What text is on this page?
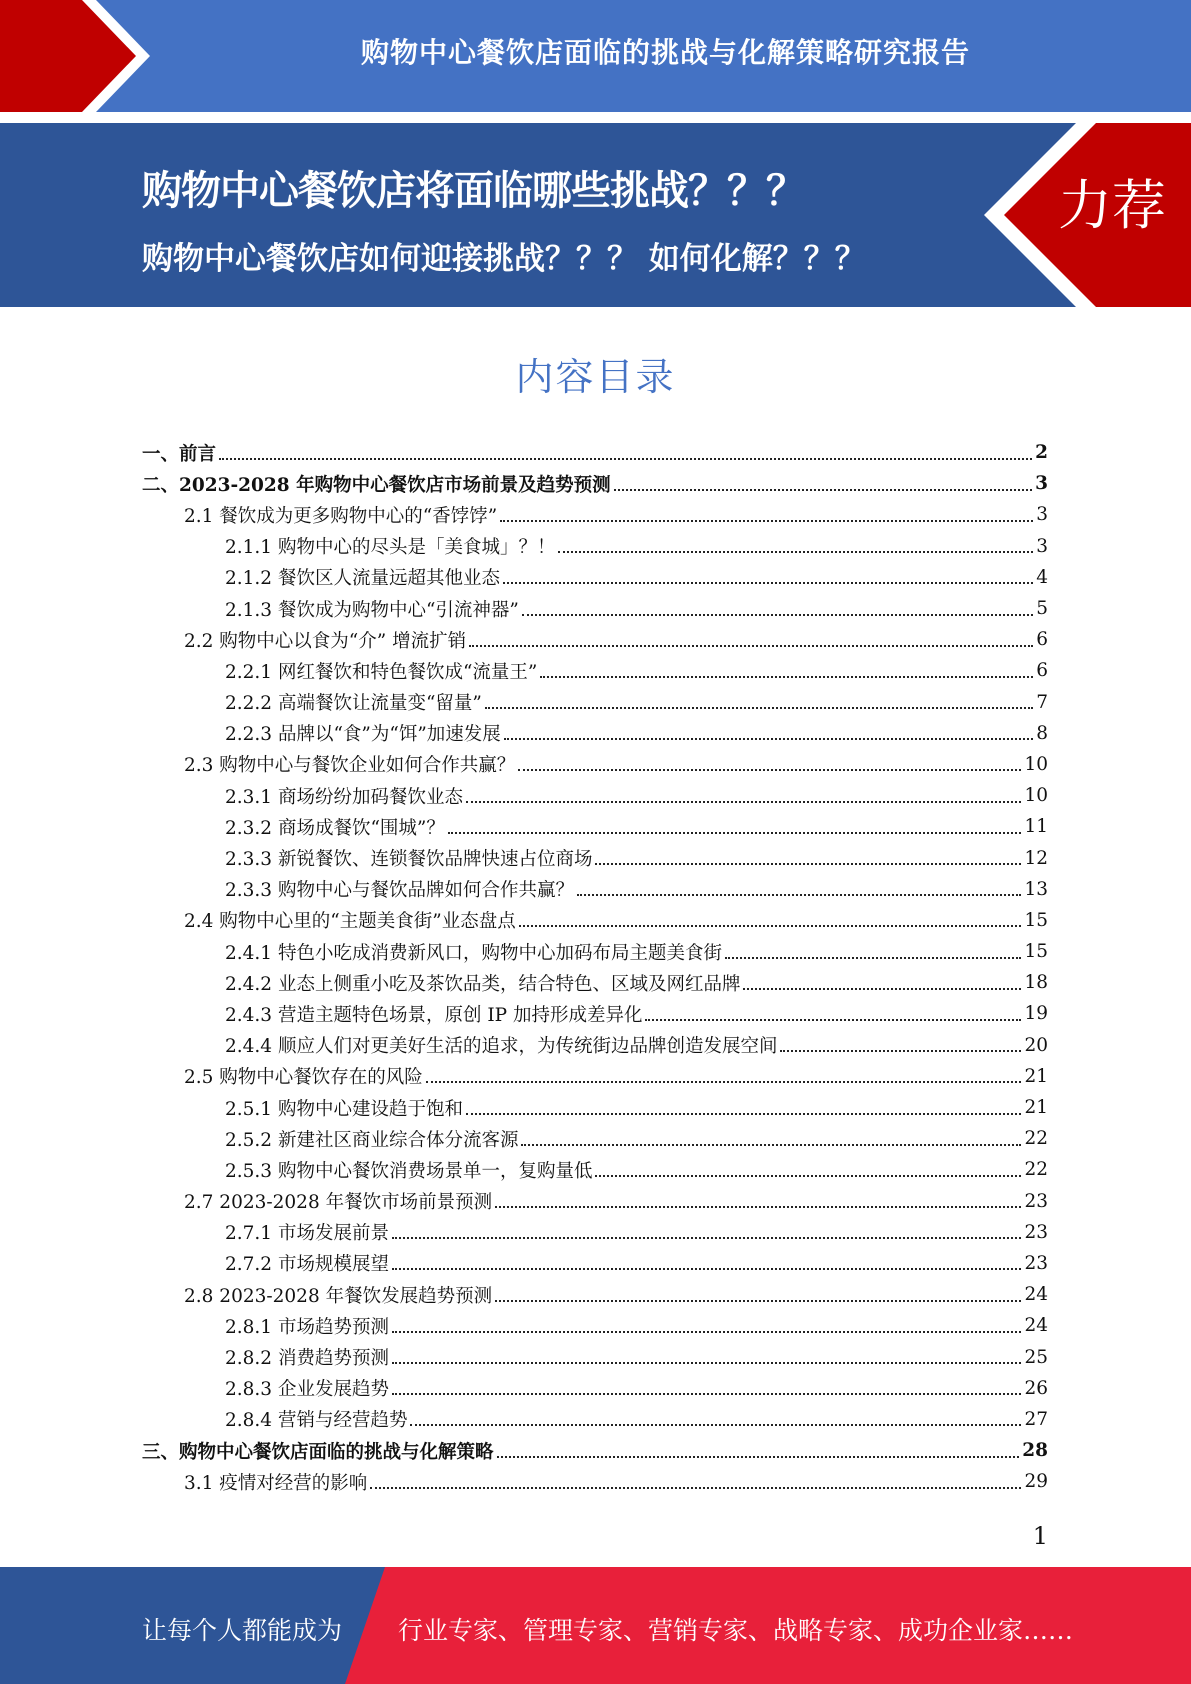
购物中心餐饮店面临的挑战与化解策略研究报告
购物中心餐饮店将面临哪些挑战？？？
购物中心餐饮店如何迎接挑战？？？ 如何化解？？？
力荐
内容目录
一、前言	2
二、2023-2028 年购物中心餐饮店市场前景及趋势预测	3
2.1 餐饮成为更多购物中心的“香饽饽”	3
2.1.1 购物中心的尽头是「美食城」？！	3
2.1.2 餐饮区人流量远超其他业态	4
2.1.3 餐饮成为购物中心“引流神器”	5
2.2 购物中心以食为“介” 增流扩销	6
2.2.1 网红餐饮和特色餐饮成“流量王”	6
2.2.2 高端餐饮让流量变“留量”	7
2.2.3 品牌以“食”为“饵”加速发展	8
2.3 购物中心与餐饮企业如何合作共赢？	10
2.3.1 商场纷纷加码餐饮业态	10
2.3.2 商场成餐饮“围城”？	11
2.3.3 新锐餐饮、连锁餐饮品牌快速占位商场	12
2.3.3 购物中心与餐饮品牌如何合作共赢？	13
2.4 购物中心里的“主题美食街”业态盘点	15
2.4.1 特色小吃成消费新风口，购物中心加码布局主题美食街	15
2.4.2 业态上侧重小吃及茶饮品类，结合特色、区域及网红品牌	18
2.4.3 营造主题特色场景，原创 IP 加持形成差异化	19
2.4.4 顺应人们对更美好生活的追求，为传统街边品牌创造发展空间	20
2.5 购物中心餐饮存在的风险	21
2.5.1 购物中心建设趋于饱和	21
2.5.2 新建社区商业综合体分流客源	22
2.5.3 购物中心餐饮消费场景单一，复购量低	22
2.7 2023-2028 年餐饮市场前景预测	23
2.7.1 市场发展前景	23
2.7.2 市场规模展望	23
2.8 2023-2028 年餐饮发展趋势预测	24
2.8.1 市场趋势预测	24
2.8.2 消费趋势预测	25
2.8.3 企业发展趋势	26
2.8.4 营销与经营趋势	27
三、购物中心餐饮店面临的挑战与化解策略	28
3.1 疫情对经营的影响	29
1
让每个人都能成为 行业专家、管理专家、营销专家、战略专家、成功企业家……
